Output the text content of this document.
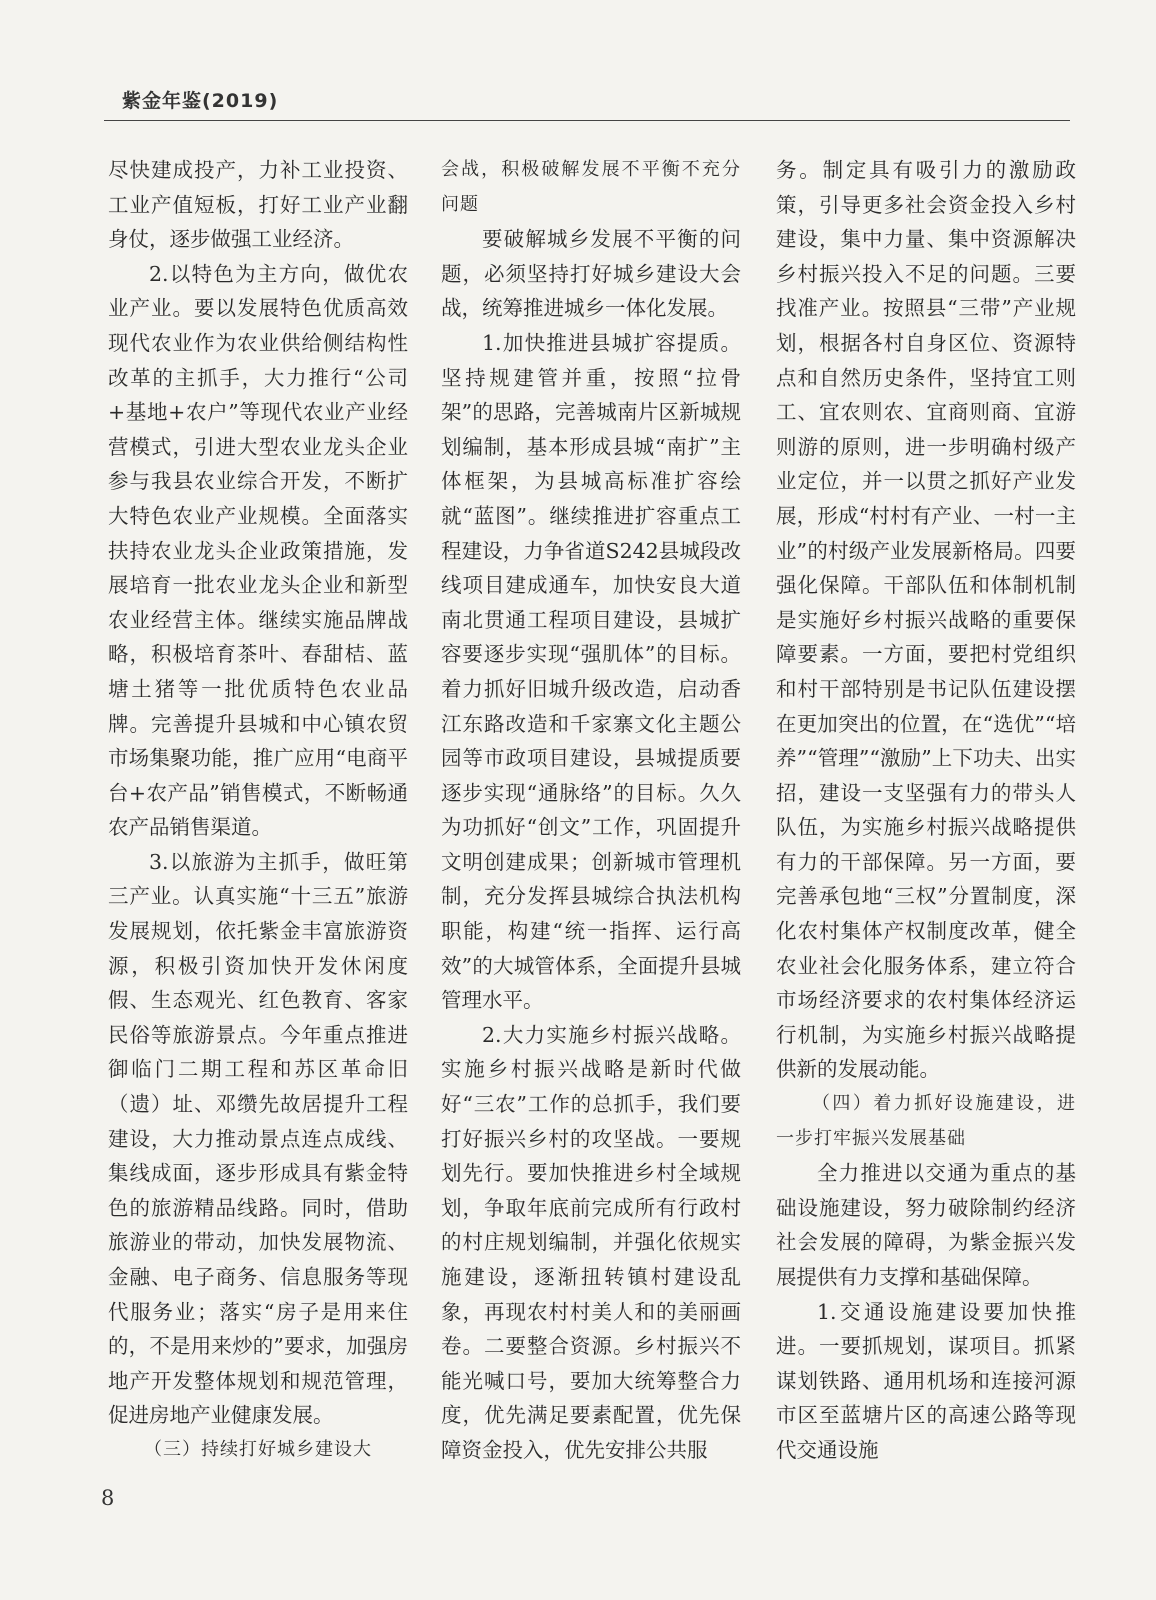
紫金年鉴(2019)

尽快建成投产，力补工业投资、工业产值短板，打好工业产业翻身仗，逐步做强工业经济。

2.以特色为主方向，做优农业产业。要以发展特色优质高效现代农业作为农业供给侧结构性改革的主抓手，大力推行“公司+基地+农户”等现代农业产业经营模式，引进大型农业龙头企业参与我县农业综合开发，不断扩大特色农业产业规模。全面落实扶持农业龙头企业政策措施，发展培育一批农业龙头企业和新型农业经营主体。继续实施品牌战略，积极培育茶叶、春甜桔、蓝塘土猪等一批优质特色农业品牌。完善提升县城和中心镇农贸市场集聚功能，推广应用“电商平台+农产品”销售模式，不断畅通农产品销售渠道。

3.以旅游为主抓手，做旺第三产业。认真实施“十三五”旅游发展规划，依托紫金丰富旅游资源，积极引资加快开发休闲度假、生态观光、红色教育、客家民俗等旅游景点。今年重点推进御临门二期工程和苏区革命旧（遗）址、邓缵先故居提升工程建设，大力推动景点连点成线、集线成面，逐步形成具有紫金特色的旅游精品线路。同时，借助旅游业的带动，加快发展物流、金融、电子商务、信息服务等现代服务业；落实“房子是用来住的，不是用来炒的”要求，加强房地产开发整体规划和规范管理，促进房地产业健康发展。

（三）持续打好城乡建设大

会战，积极破解发展不平衡不充分问题

要破解城乡发展不平衡的问题，必须坚持打好城乡建设大会战，统筹推进城乡一体化发展。

1.加快推进县城扩容提质。坚持规建管并重，按照“拉骨架”的思路，完善城南片区新城规划编制，基本形成县城“南扩”主体框架，为县城高标准扩容绘就“蓝图”。继续推进扩容重点工程建设，力争省道S242县城段改线项目建成通车，加快安良大道南北贯通工程项目建设，县城扩容要逐步实现“强肌体”的目标。着力抓好旧城升级改造，启动香江东路改造和千家寨文化主题公园等市政项目建设，县城提质要逐步实现“通脉络”的目标。久久为功抓好“创文”工作，巩固提升文明创建成果；创新城市管理机制，充分发挥县城综合执法机构职能，构建“统一指挥、运行高效”的大城管体系，全面提升县城管理水平。

2.大力实施乡村振兴战略。实施乡村振兴战略是新时代做好“三农”工作的总抓手，我们要打好振兴乡村的攻坚战。一要规划先行。要加快推进乡村全域规划，争取年底前完成所有行政村的村庄规划编制，并强化依规实施建设，逐渐扭转镇村建设乱象，再现农村村美人和的美丽画卷。二要整合资源。乡村振兴不能光喊口号，要加大统筹整合力度，优先满足要素配置，优先保障资金投入，优先安排公共服

务。制定具有吸引力的激励政策，引导更多社会资金投入乡村建设，集中力量、集中资源解决乡村振兴投入不足的问题。三要找准产业。按照县“三带”产业规划，根据各村自身区位、资源特点和自然历史条件，坚持宜工则工、宜农则农、宜商则商、宜游则游的原则，进一步明确村级产业定位，并一以贯之抓好产业发展，形成“村村有产业、一村一主业”的村级产业发展新格局。四要强化保障。干部队伍和体制机制是实施好乡村振兴战略的重要保障要素。一方面，要把村党组织和村干部特别是书记队伍建设摆在更加突出的位置，在“选优”“培养”“管理”“激励”上下功夫、出实招，建设一支坚强有力的带头人队伍，为实施乡村振兴战略提供有力的干部保障。另一方面，要完善承包地“三权”分置制度，深化农村集体产权制度改革，健全农业社会化服务体系，建立符合市场经济要求的农村集体经济运行机制，为实施乡村振兴战略提供新的发展动能。

（四）着力抓好设施建设，进一步打牢振兴发展基础

全力推进以交通为重点的基础设施建设，努力破除制约经济社会发展的障碍，为紫金振兴发展提供有力支撑和基础保障。

1.交通设施建设要加快推进。一要抓规划，谋项目。抓紧谋划铁路、通用机场和连接河源市区至蓝塘片区的高速公路等现代交通设施

8
